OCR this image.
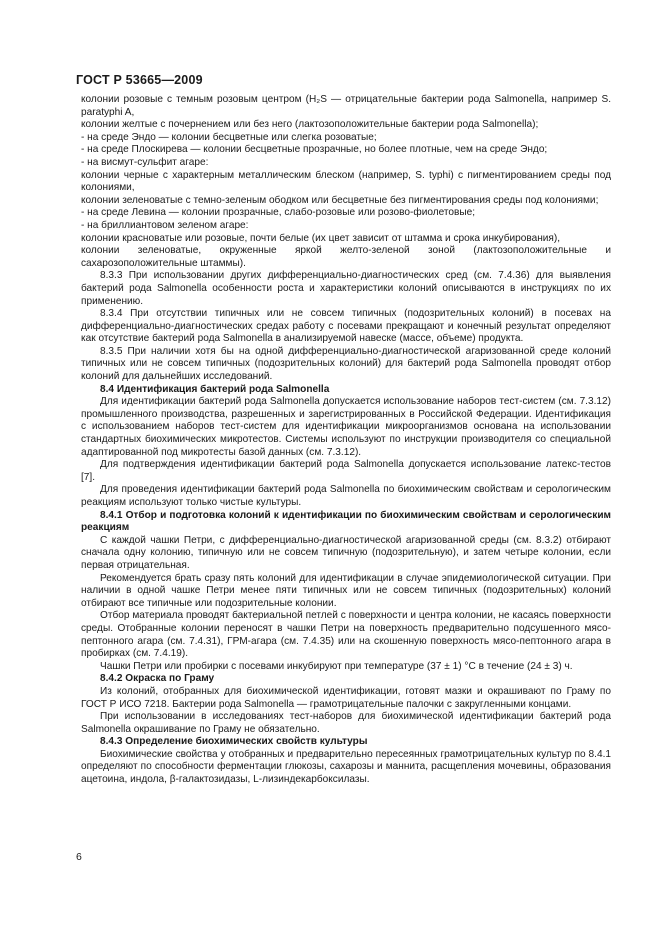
ГОСТ Р 53665—2009

колонии розовые с темным розовым центром (H₂S — отрицательные бактерии рода Salmonella, например S. paratyphi A,

колонии желтые с почернением или без него (лактозоположительные бактерии рода Salmonella);

- на среде Эндо — колонии бесцветные или слегка розоватые;

- на среде Плоскирева — колонии бесцветные прозрачные, но более плотные, чем на среде Эндо;

- на висмут-сульфит агаре:

колонии черные с характерным металлическим блеском (например, S. typhi) с пигментированием среды под колониями,

колонии зеленоватые с темно-зеленым ободком или бесцветные без пигментирования среды под колониями;

- на среде Левина — колонии прозрачные, слабо-розовые или розово-фиолетовые;

- на бриллиантовом зеленом агаре:

колонии красноватые или розовые, почти белые (их цвет зависит от штамма и срока инкубирования),

колонии зеленоватые, окруженные яркой желто-зеленой зоной (лактозоположительные и сахарозоположительные штаммы).

8.3.3 При использовании других дифференциально-диагностических сред (см. 7.4.36) для выявления бактерий рода Salmonella особенности роста и характеристики колоний описываются в инструкциях по их применению.

8.3.4 При отсутствии типичных или не совсем типичных (подозрительных колоний) в посевах на дифференциально-диагностических средах работу с посевами прекращают и конечный результат определяют как отсутствие бактерий рода Salmonella в анализируемой навеске (массе, объеме) продукта.

8.3.5 При наличии хотя бы на одной дифференциально-диагностической агаризованной среде колоний типичных или не совсем типичных (подозрительных колоний) для бактерий рода Salmonella проводят отбор колоний для дальнейших исследований.

8.4 Идентификация бактерий рода Salmonella

Для идентификации бактерий рода Salmonella допускается использование наборов тест-систем (см. 7.3.12) промышленного производства, разрешенных и зарегистрированных в Российской Федерации. Идентификация с использованием наборов тест-систем для идентификации микроорганизмов основана на использовании стандартных биохимических микротестов. Системы используют по инструкции производителя со специальной адаптированной под микротесты базой данных (см. 7.3.12).

Для подтверждения идентификации бактерий рода Salmonella допускается использование латекс-тестов [7].

Для проведения идентификации бактерий рода Salmonella по биохимическим свойствам и серологическим реакциям используют только чистые культуры.

8.4.1 Отбор и подготовка колоний к идентификации по биохимическим свойствам и серологическим реакциям

С каждой чашки Петри, с дифференциально-диагностической агаризованной среды (см. 8.3.2) отбирают сначала одну колонию, типичную или не совсем типичную (подозрительную), и затем четыре колонии, если первая отрицательная.

Рекомендуется брать сразу пять колоний для идентификации в случае эпидемиологической ситуации. При наличии в одной чашке Петри менее пяти типичных или не совсем типичных (подозрительных) колоний отбирают все типичные или подозрительные колонии.

Отбор материала проводят бактериальной петлей с поверхности и центра колонии, не касаясь поверхности среды. Отобранные колонии переносят в чашки Петри на поверхность предварительно подсушенного мясо-пептонного агара (см. 7.4.31), ГРМ-агара (см. 7.4.35) или на скошенную поверхность мясо-пептонного агара в пробирках (см. 7.4.19).

Чашки Петри или пробирки с посевами инкубируют при температуре (37 ± 1) °С в течение (24 ± 3) ч.

8.4.2 Окраска по Граму

Из колоний, отобранных для биохимической идентификации, готовят мазки и окрашивают по Граму по ГОСТ Р ИСО 7218. Бактерии рода Salmonella — грамотрицательные палочки с закругленными концами.

При использовании в исследованиях тест-наборов для биохимической идентификации бактерий рода Salmonella окрашивание по Граму не обязательно.

8.4.3 Определение биохимических свойств культуры

Биохимические свойства у отобранных и предварительно пересеянных грамотрицательных культур по 8.4.1 определяют по способности ферментации глюкозы, сахарозы и маннита, расщепления мочевины, образования ацетоина, индола, β-галактозидазы, L-лизиндекарбоксилазы.

6
